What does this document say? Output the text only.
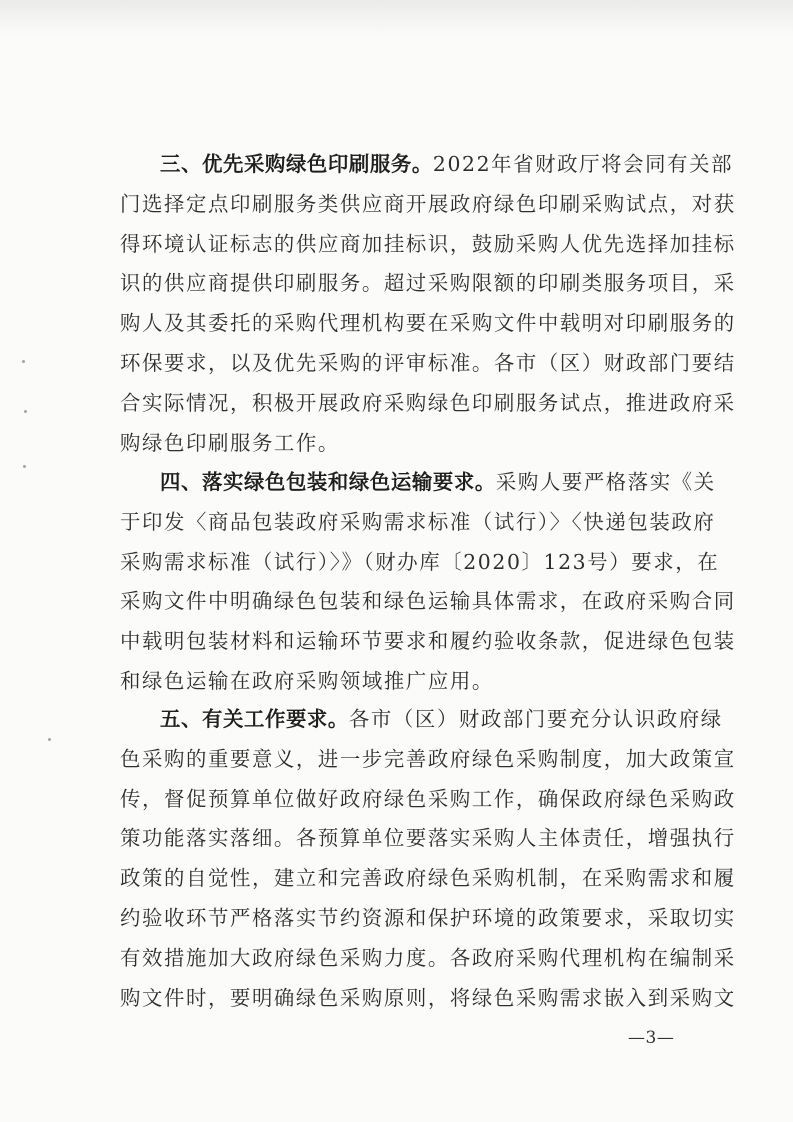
三、优先采购绿色印刷服务。2022年省财政厅将会同有关部
门选择定点印刷服务类供应商开展政府绿色印刷采购试点，对获
得环境认证标志的供应商加挂标识，鼓励采购人优先选择加挂标
识的供应商提供印刷服务。超过采购限额的印刷类服务项目，采
购人及其委托的采购代理机构要在采购文件中载明对印刷服务的
环保要求，以及优先采购的评审标准。各市（区）财政部门要结
合实际情况，积极开展政府采购绿色印刷服务试点，推进政府采
购绿色印刷服务工作。
四、落实绿色包装和绿色运输要求。采购人要严格落实《关
于印发〈商品包装政府采购需求标准（试行）〉〈快递包装政府
采购需求标准（试行）〉》（财办库〔2020〕123号）要求，在
采购文件中明确绿色包装和绿色运输具体需求，在政府采购合同
中载明包装材料和运输环节要求和履约验收条款，促进绿色包装
和绿色运输在政府采购领域推广应用。
五、有关工作要求。各市（区）财政部门要充分认识政府绿
色采购的重要意义，进一步完善政府绿色采购制度，加大政策宣
传，督促预算单位做好政府绿色采购工作，确保政府绿色采购政
策功能落实落细。各预算单位要落实采购人主体责任，增强执行
政策的自觉性，建立和完善政府绿色采购机制，在采购需求和履
约验收环节严格落实节约资源和保护环境的政策要求，采取切实
有效措施加大政府绿色采购力度。各政府采购代理机构在编制采
购文件时，要明确绿色采购原则，将绿色采购需求嵌入到采购文
—3—
